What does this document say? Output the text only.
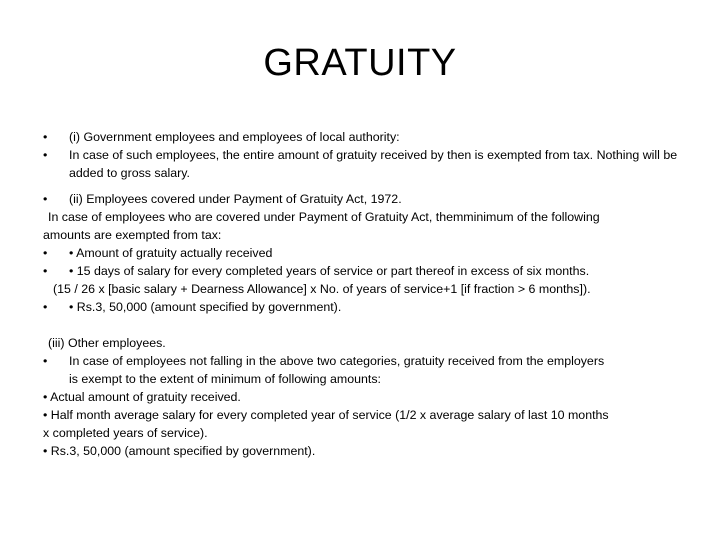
GRATUITY
• (i) Government employees and employees of local authority:
• In case of such employees, the entire amount of gratuity received by then is exempted from tax. Nothing will be added to gross salary.
• (ii) Employees covered under Payment of Gratuity Act, 1972.
In case of employees who are covered under Payment of Gratuity Act, themminimum of the following
amounts are exempted from tax:
• • Amount of gratuity actually received
• • 15 days of salary for every completed years of service or part thereof in excess of six months.
(15 / 26 x [basic salary + Dearness Allowance] x No. of years of service+1 [if fraction > 6 months]).
• • Rs.3, 50,000 (amount specified by government).
(iii) Other employees.
• In case of employees not falling in the above two categories, gratuity received from the employers
is exempt to the extent of minimum of following amounts:
• Actual amount of gratuity received.
• Half month average salary for every completed year of service (1/2 x average salary of last 10 months
x completed years of service).
• Rs.3, 50,000 (amount specified by government).
